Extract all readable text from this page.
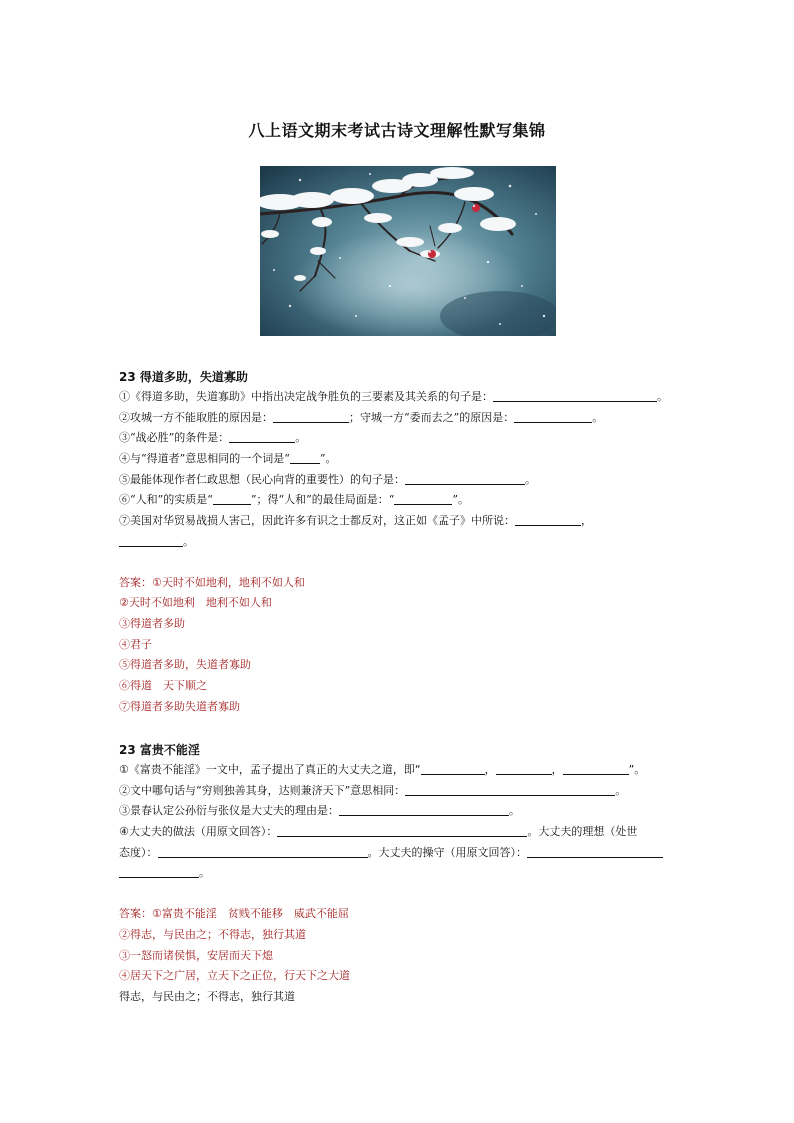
八上语文期末考试古诗文理解性默写集锦
23 得道多助，失道寡助
①《得道多助，失道寡助》中指出决定战争胜负的三要素及其关系的句子是：	。
②攻城一方不能取胜的原因是：	；守城一方“委而去之”的原因是：	。
③“战必胜”的条件是：	。
④与“得道者”意思相同的一个词是“	”。
⑤最能体现作者仁政思想（民心向背的重要性）的句子是：	。
⑥“人和”的实质是“	”；得“人和”的最佳局面是：“	”。
⑦美国对华贸易战损人害己，因此许多有识之士都反对，这正如《孟子》中所说：	，
。
答案：①天时不如地利，地利不如人和
②天时不如地利　地利不如人和
③得道者多助
④君子
⑤得道者多助，失道者寡助
⑥得道　天下顺之
⑦得道者多助失道者寡助
23 富贵不能淫
①《富贵不能淫》一文中，孟子提出了真正的大丈夫之道，即“	，	，	”。
②文中哪句话与“穷则独善其身，达则兼济天下”意思相同：	。
③景春认定公孙衍与张仪是大丈夫的理由是：	。
④大丈夫的做法（用原文回答）：	。大丈夫的理想（处世
态度）：	。大丈夫的操守（用原文回答）：
。
答案：①富贵不能淫　贫贱不能移　威武不能屈
②得志，与民由之；不得志，独行其道
③一怒而诸侯惧，安居而天下熄
④居天下之广居，立天下之正位，行天下之大道
得志，与民由之；不得志，独行其道
